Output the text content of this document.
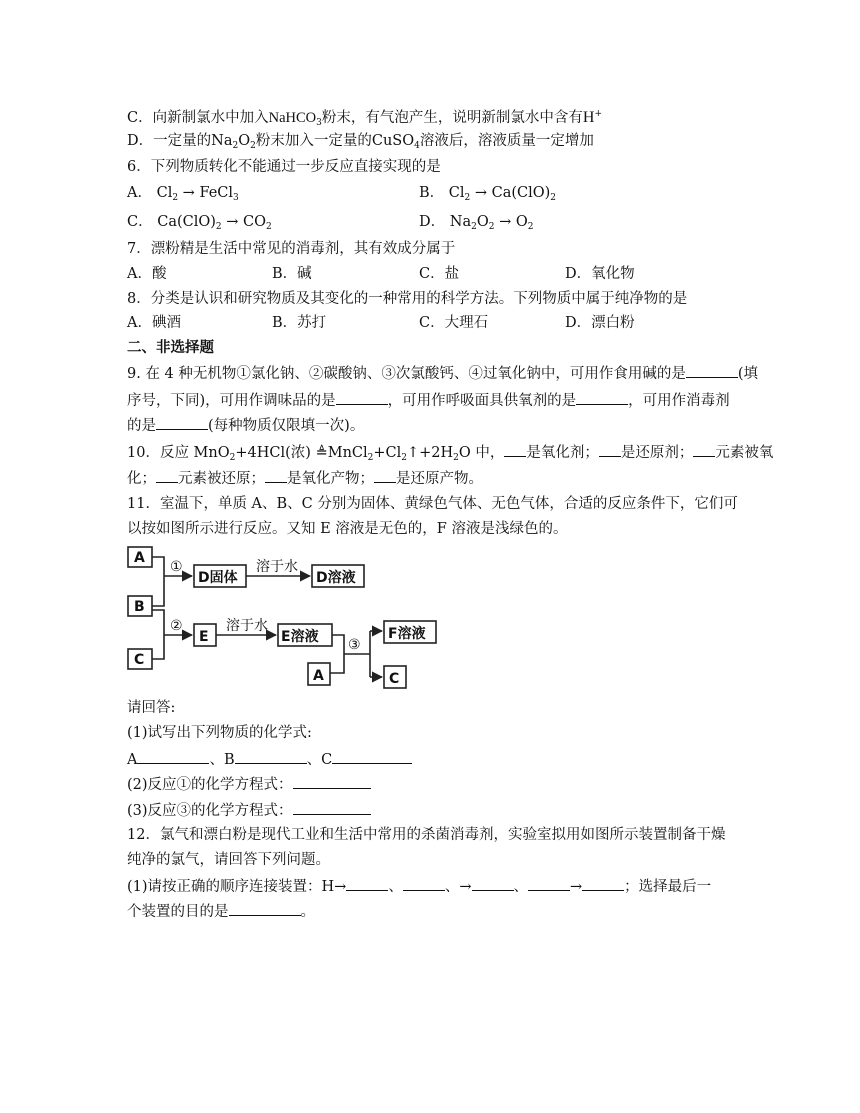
C．向新制氯水中加入NaHCO$_3$粉末，有气泡产生，说明新制氯水中含有H+
D．一定量的$Na_2O_2$粉末加入一定量的CuSO$_4$溶液后，溶液质量一定增加
6．下列物质转化不能通过一步反应直接实现的是
A． $Cl_2$ → FeCl$_3$	B． $Cl_2 \to Ca(ClO)_2$
C． $Ca(ClO)_2 \to CO_2$	D． $Na_2O_2 \to O_2$
7．漂粉精是生活中常见的消毒剂，其有效成分属于
A．酸	B．碱	C．盐	D．氧化物
8．分类是认识和研究物质及其变化的一种常用的科学方法。下列物质中属于纯净物的是
A．碘酒	B．苏打	C．大理石	D．漂白粉
二、非选择题
9. 在 4 种无机物①氯化钠、②碳酸钠、③次氯酸钙、④过氧化钠中，可用作食用碱的是	(填
序号，下同)，可用作调味品的是	，可用作呼吸面具供氧剂的是	，可用作消毒剂
的是	(每种物质仅限填一次)。
10．反应 MnO$_2$+4HCl(浓) $≜MnCl_2+Cl_2↑+2H_2O$ 中， 是氧化剂； 是还原剂； 元素被氧
化； 元素被还原； 是氧化产物； 是还原产物。
11．室温下，单质 A、B、C 分别为固体、黄绿色气体、无色气体，合适的反应条件下，它们可
以按如图所示进行反应。又知 E 溶液是无色的，F 溶液是浅绿色的。
A
B
C
D固体	D溶液
E	E溶液	F溶液
A	C
①
②
③
溶于水
溶于水
请回答:
(1)试写出下列物质的化学式:
A	、B	、C
(2)反应①的化学方程式：
(3)反应③的化学方程式：
12．氯气和漂白粉是现代工业和生活中常用的杀菌消毒剂，实验室拟用如图所示装置制备干燥
纯净的氯气，请回答下列问题。
(1)请按正确的顺序连接装置：H→	、	、→	、	→	；选择最后一
个装置的目的是	。
